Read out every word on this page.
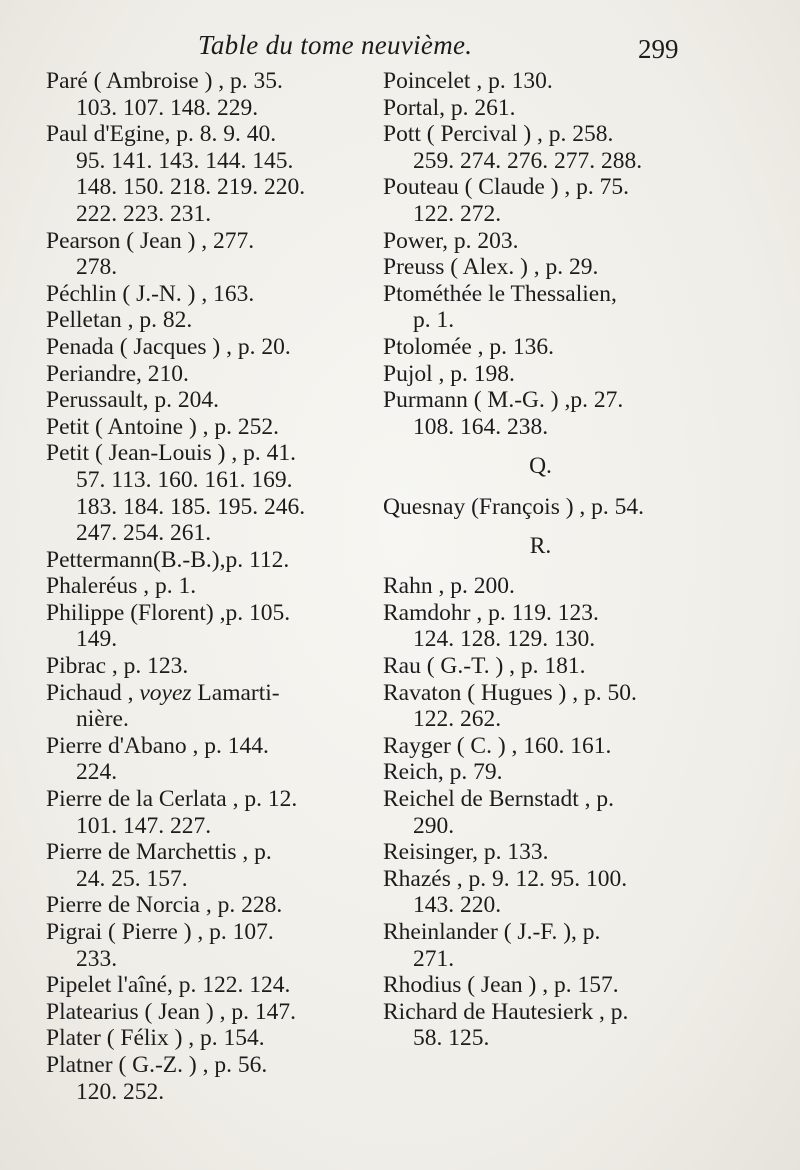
Table du tome neuvième.	299
Paré ( Ambroise ) , p. 35.
103. 107. 148. 229.
Paul d'Egine, p. 8. 9. 40.
95. 141. 143. 144. 145.
148. 150. 218. 219. 220.
222. 223. 231.
Pearson ( Jean ) , 277.
278.
Péchlin ( J.-N. ) , 163.
Pelletan , p. 82.
Penada ( Jacques ) , p. 20.
Periandre, 210.
Perussault, p. 204.
Petit ( Antoine ) , p. 252.
Petit ( Jean-Louis ) , p. 41.
57. 113. 160. 161. 169.
183. 184. 185. 195. 246.
247. 254. 261.
Pettermann(B.-B.),p. 112.
Phaleréus , p. 1.
Philippe (Florent) ,p. 105.
149.
Pibrac , p. 123.
Pichaud , voyez Lamarti-
nière.
Pierre d'Abano , p. 144.
224.
Pierre de la Cerlata , p. 12.
101. 147. 227.
Pierre de Marchettis , p.
24. 25. 157.
Pierre de Norcia , p. 228.
Pigrai ( Pierre ) , p. 107.
233.
Pipelet l'aîné, p. 122. 124.
Platearius ( Jean ) , p. 147.
Plater ( Félix ) , p. 154.
Platner ( G.-Z. ) , p. 56.
120. 252.
Poincelet , p. 130.
Portal, p. 261.
Pott ( Percival ) , p. 258.
259. 274. 276. 277. 288.
Pouteau ( Claude ) , p. 75.
122. 272.
Power, p. 203.
Preuss ( Alex. ) , p. 29.
Ptométhée le Thessalien,
p. 1.
Ptolomée , p. 136.
Pujol , p. 198.
Purmann ( M.-G. ) ,p. 27.
108. 164. 238.
Q.
Quesnay (François ) , p. 54.
R.
Rahn , p. 200.
Ramdohr , p. 119. 123.
124. 128. 129. 130.
Rau ( G.-T. ) , p. 181.
Ravaton ( Hugues ) , p. 50.
122. 262.
Rayger ( C. ) , 160. 161.
Reich, p. 79.
Reichel de Bernstadt , p.
290.
Reisinger, p. 133.
Rhazés , p. 9. 12. 95. 100.
143. 220.
Rheinlander ( J.-F. ), p.
271.
Rhodius ( Jean ) , p. 157.
Richard de Hautesierk , p.
58. 125.
